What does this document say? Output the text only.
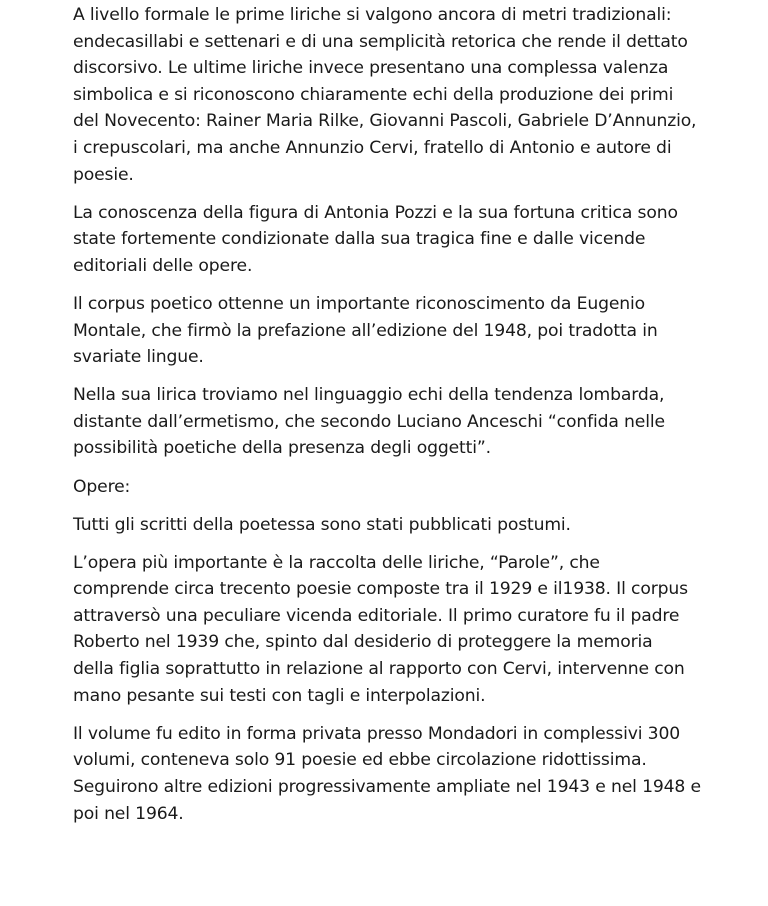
A livello formale le prime liriche si valgono ancora di metri tradizionali:
endecasillabi e settenari e di una semplicità retorica che rende il dettato
discorsivo. Le ultime liriche invece presentano una complessa valenza
simbolica e si riconoscono chiaramente echi della produzione dei primi
del Novecento: Rainer Maria Rilke, Giovanni Pascoli, Gabriele D’Annunzio,
i crepuscolari, ma anche Annunzio Cervi, fratello di Antonio e autore di
poesie.

La conoscenza della figura di Antonia Pozzi e la sua fortuna critica sono
state fortemente condizionate dalla sua tragica fine e dalle vicende
editoriali delle opere.

Il corpus poetico ottenne un importante riconoscimento da Eugenio
Montale, che firmò la prefazione all’edizione del 1948, poi tradotta in
svariate lingue.

Nella sua lirica troviamo nel linguaggio echi della tendenza lombarda,
distante dall’ermetismo, che secondo Luciano Anceschi “confida nelle
possibilità poetiche della presenza degli oggetti”.

Opere:

Tutti gli scritti della poetessa sono stati pubblicati postumi.

L’opera più importante è la raccolta delle liriche, “Parole”, che
comprende circa trecento poesie composte tra il 1929 e il1938. Il corpus
attraversò una peculiare vicenda editoriale. Il primo curatore fu il padre
Roberto nel 1939 che, spinto dal desiderio di proteggere la memoria
della figlia soprattutto in relazione al rapporto con Cervi, intervenne con
mano pesante sui testi con tagli e interpolazioni.

Il volume fu edito in forma privata presso Mondadori in complessivi 300
volumi, conteneva solo 91 poesie ed ebbe circolazione ridottissima.
Seguirono altre edizioni progressivamente ampliate nel 1943 e nel 1948 e
poi nel 1964.
